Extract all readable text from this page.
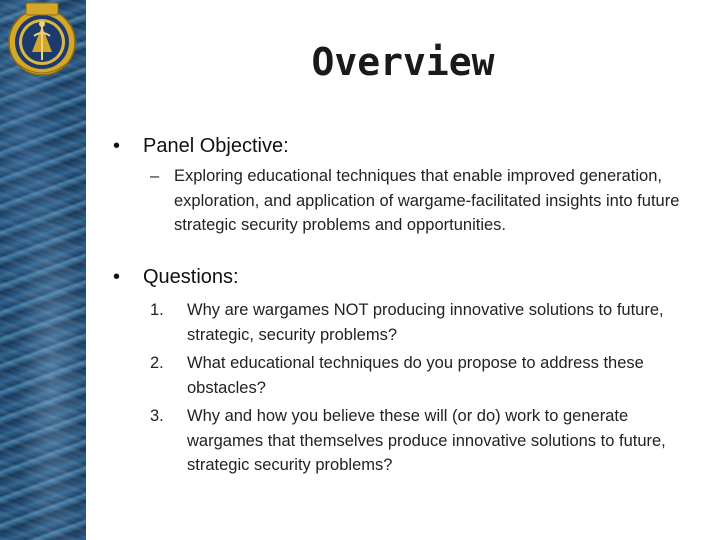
Overview
• Panel Objective:
– Exploring educational techniques that enable improved generation, exploration, and application of wargame-facilitated insights into future strategic security problems and opportunities.
• Questions:
1. Why are wargames NOT producing innovative solutions to future, strategic, security problems?
2. What educational techniques do you propose to address these obstacles?
3. Why and how you believe these will (or do) work to generate wargames that themselves produce innovative solutions to future, strategic security problems?
